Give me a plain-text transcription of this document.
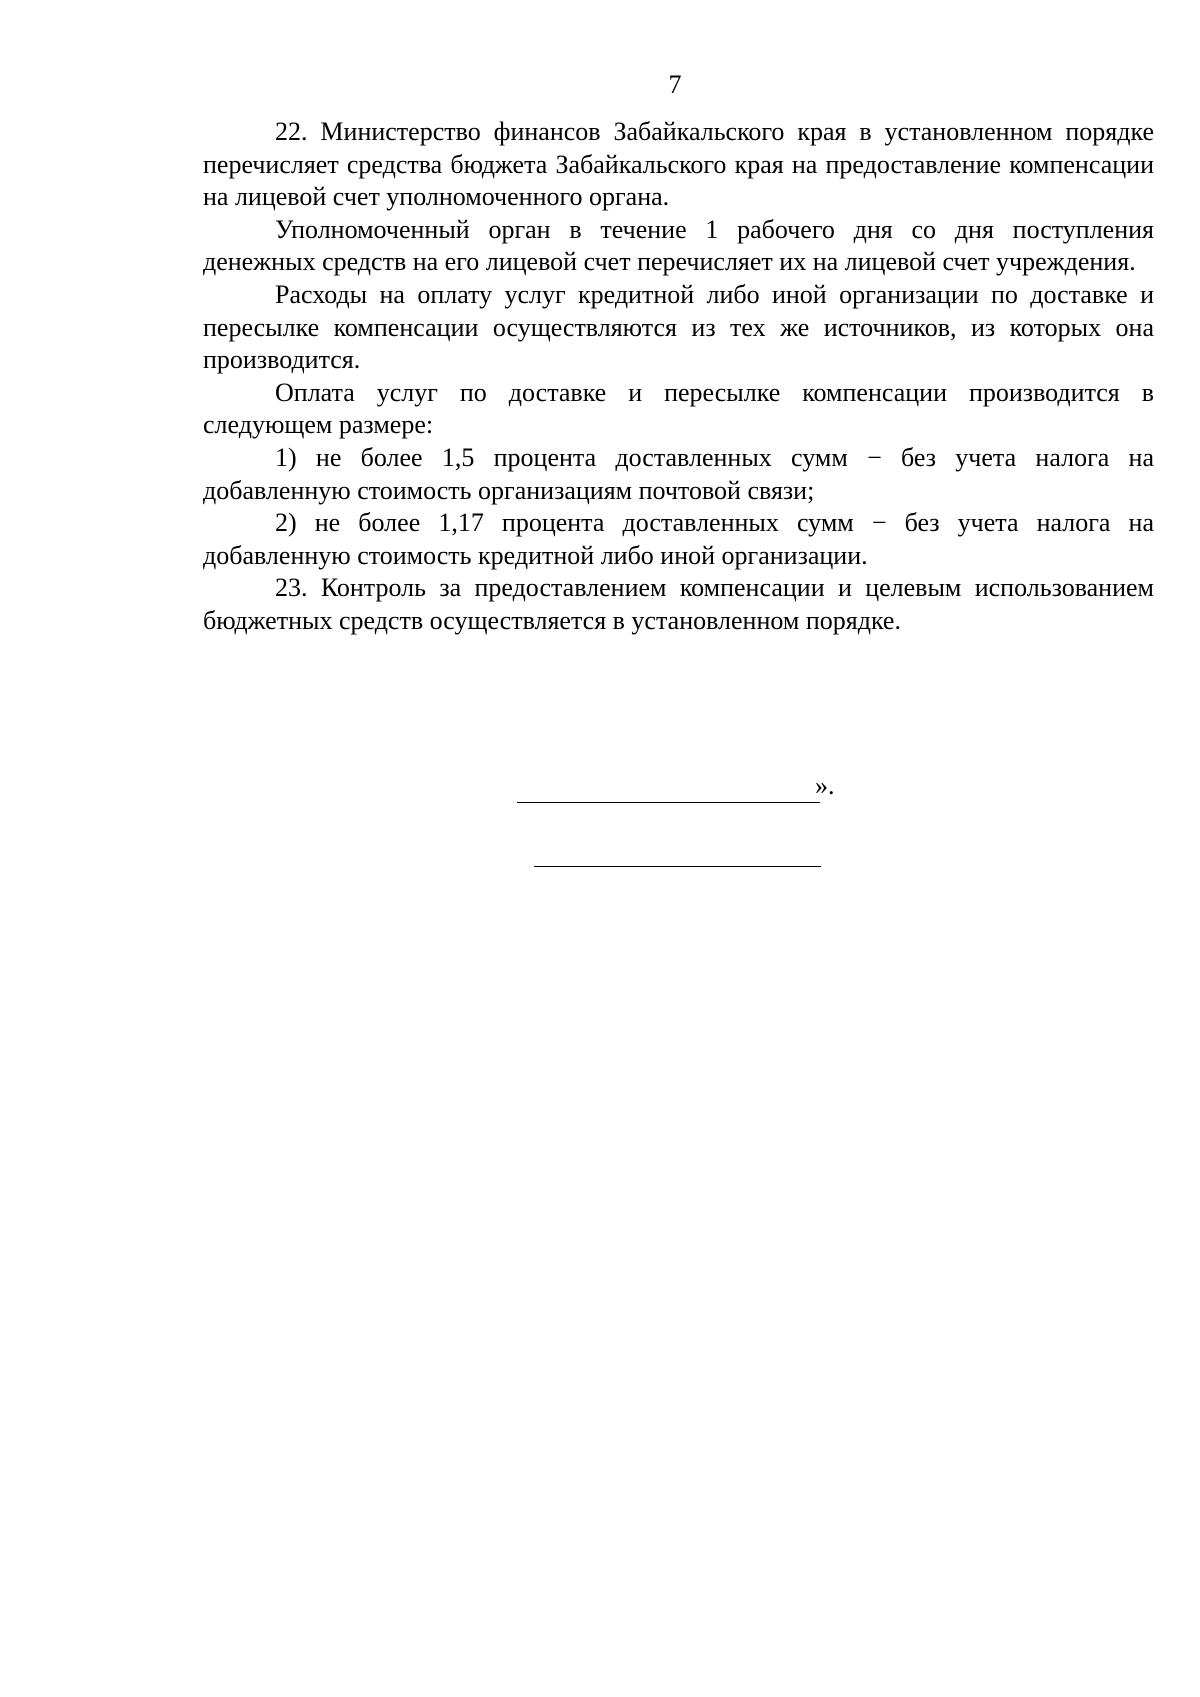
7

22. Министерство финансов Забайкальского края в установленном порядке перечисляет средства бюджета Забайкальского края на предоставление компенсации на лицевой счет уполномоченного органа.

Уполномоченный орган в течение 1 рабочего дня со дня поступления денежных средств на его лицевой счет перечисляет их на лицевой счет учреждения.

Расходы на оплату услуг кредитной либо иной организации по доставке и пересылке компенсации осуществляются из тех же источников, из которых она производится.

Оплата услуг по доставке и пересылке компенсации производится в следующем размере:

1) не более 1,5 процента доставленных сумм − без учета налога на добавленную стоимость организациям почтовой связи;

2) не более 1,17 процента доставленных сумм − без учета налога на добавленную стоимость кредитной либо иной организации.

23. Контроль за предоставлением компенсации и целевым использованием бюджетных средств осуществляется в установленном порядке.

».
